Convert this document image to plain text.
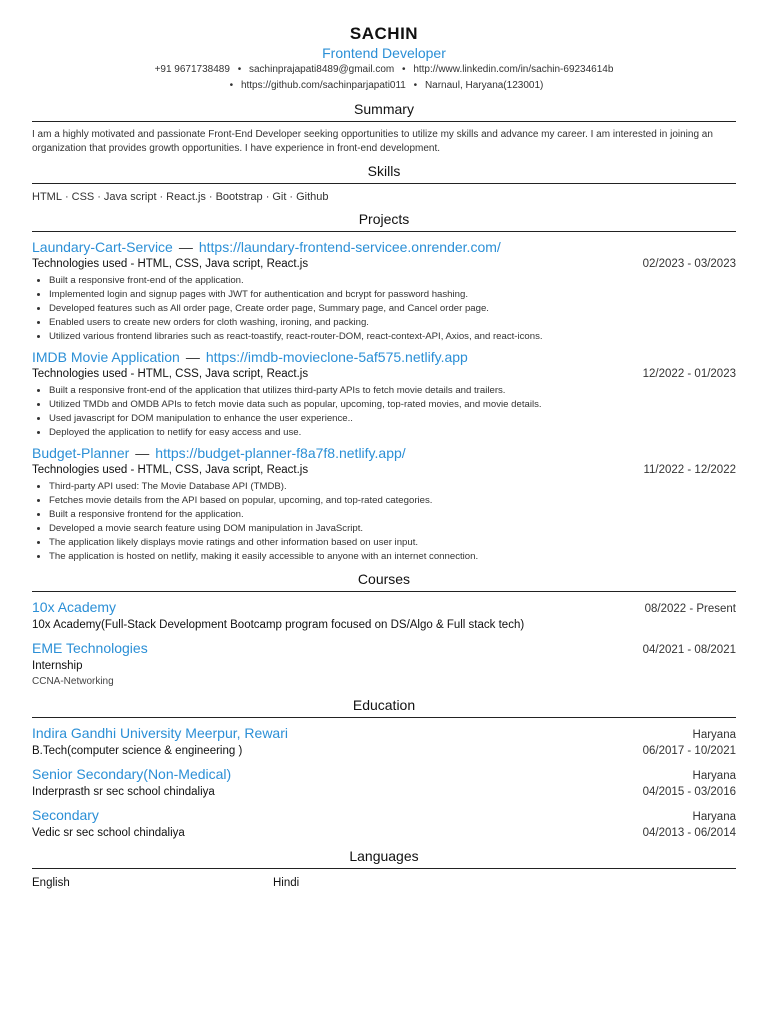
SACHIN
Frontend Developer
+91 9671738489 • sachinprajapati8489@gmail.com • http://www.linkedin.com/in/sachin-69234614b
• https://github.com/sachinparjapati011 • Narnaul, Haryana(123001)
Summary
I am a highly motivated and passionate Front-End Developer seeking opportunities to utilize my skills and advance my career. I am interested in joining an organization that provides growth opportunities. I have experience in front-end development.
Skills
HTML · CSS · Java script · React.js · Bootstrap · Git · Github
Projects
Laundary-Cart-Service — https://laundary-frontend-servicee.onrender.com/
Technologies used - HTML, CSS, Java script, React.js	02/2023 - 03/2023
• Built a responsive front-end of the application.
• Implemented login and signup pages with JWT for authentication and bcrypt for password hashing.
• Developed features such as All order page, Create order page, Summary page, and Cancel order page.
• Enabled users to create new orders for cloth washing, ironing, and packing.
• Utilized various frontend libraries such as react-toastify, react-router-DOM, react-context-API, Axios, and react-icons.
IMDB Movie Application — https://imdb-movieclone-5af575.netlify.app
Technologies used - HTML, CSS, Java script, React.js	12/2022 - 01/2023
• Built a responsive front-end of the application that utilizes third-party APIs to fetch movie details and trailers.
• Utilized TMDb and OMDB APIs to fetch movie data such as popular, upcoming, top-rated movies, and movie details.
• Used javascript for DOM manipulation to enhance the user experience..
• Deployed the application to netlify for easy access and use.
Budget-Planner — https://budget-planner-f8a7f8.netlify.app/
Technologies used - HTML, CSS, Java script, React.js	11/2022 - 12/2022
• Third-party API used: The Movie Database API (TMDB).
• Fetches movie details from the API based on popular, upcoming, and top-rated categories.
• Built a responsive frontend for the application.
• Developed a movie search feature using DOM manipulation in JavaScript.
• The application likely displays movie ratings and other information based on user input.
• The application is hosted on netlify, making it easily accessible to anyone with an internet connection.
Courses
10x Academy	08/2022 - Present
10x Academy(Full-Stack Development Bootcamp program focused on DS/Algo & Full stack tech)
EME Technologies	04/2021 - 08/2021
Internship
CCNA-Networking
Education
Indira Gandhi University Meerpur, Rewari	Haryana
B.Tech(computer science & engineering )	06/2017 - 10/2021
Senior Secondary(Non-Medical)	Haryana
Inderprasth sr sec school chindaliya	04/2015 - 03/2016
Secondary	Haryana
Vedic sr sec school chindaliya	04/2013 - 06/2014
Languages
English	Hindi
